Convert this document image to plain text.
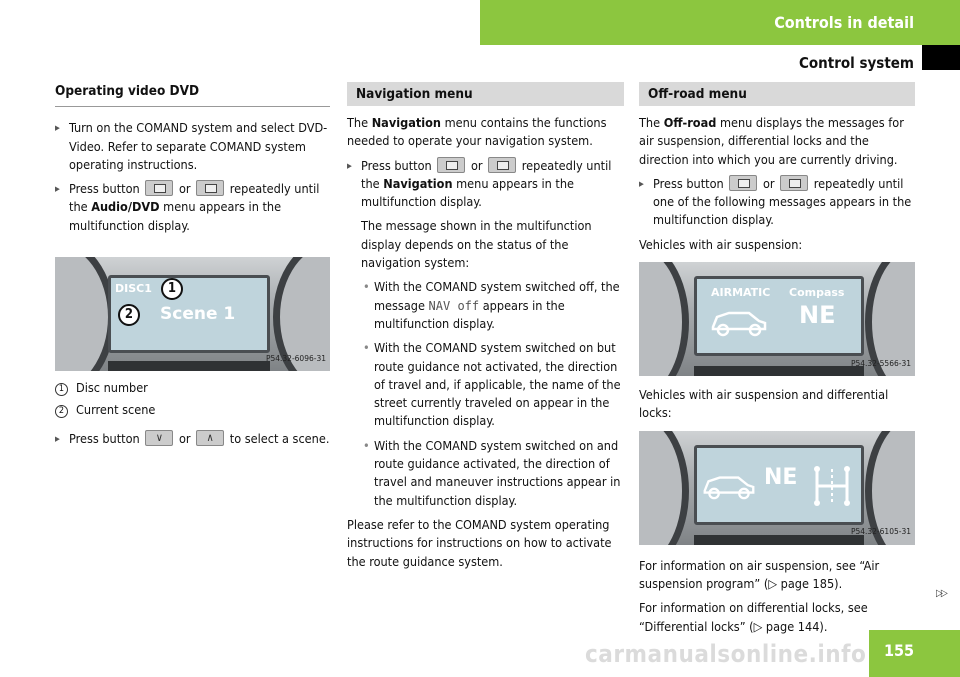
Controls in detail
Control system
Operating video DVD
▶ Turn on the COMAND system and select DVD-Video. Refer to separate COMAND system operating instructions.
▶ Press button	or	repeatedly until the Audio/DVD menu appears in the multifunction display.
DISC1
Scene 1
1
2
P54.32-6096-31
1 Disc number
2 Current scene
▶ Press button	∨	or	∧	to select a scene.
Navigation menu

The Navigation menu contains the functions needed to operate your navigation system.

▶ Press button	or	repeatedly until the Navigation menu appears in the multifunction display.
The message shown in the multifunction display depends on the status of the navigation system:
• With the COMAND system switched off, the message NAV off appears in the multifunction display.
• With the COMAND system switched on but route guidance not activated, the direction of travel and, if applicable, the name of the street currently traveled on appear in the multifunction display.
• With the COMAND system switched on and route guidance activated, the direction of travel and maneuver instructions appear in the multifunction display.

Please refer to the COMAND system operating instructions for instructions on how to activate the route guidance system.

Off-road menu

The Off-road menu displays the messages for air suspension, differential locks and the direction into which you are currently driving.

▶ Press button	or	repeatedly until one of the following messages appears in the multifunction display.

Vehicles with air suspension:

AIRMATIC Compass
NE
P54.32-5566-31

Vehicles with air suspension and differential locks:

NE
P54.32-6105-31

For information on air suspension, see “Air suspension program” (▷ page 185).

For information on differential locks, see “Differential locks” (▷ page 144).

▷▷
carmanualsonline.info 155
